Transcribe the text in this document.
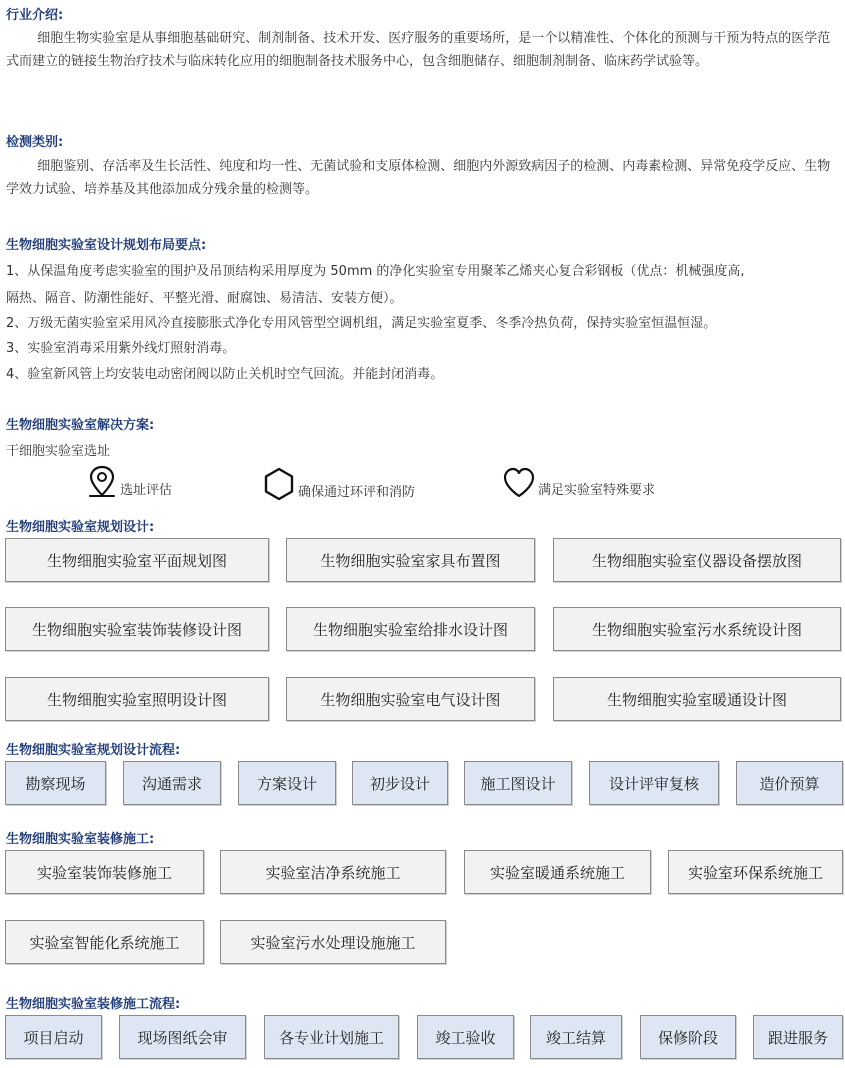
行业介绍:
细胞生物实验室是从事细胞基础研究、制剂制备、技术开发、医疗服务的重要场所，是一个以精准性、个体化的预测与干预为特点的医学范式而建立的链接生物治疗技术与临床转化应用的细胞制备技术服务中心，包含细胞储存、细胞制剂制备、临床药学试验等。
检测类别:
细胞鉴别、存活率及生长活性、纯度和均一性、无菌试验和支原体检测、细胞内外源致病因子的检测、内毒素检测、异常免疫学反应、生物学效力试验、培养基及其他添加成分残余量的检测等。
生物细胞实验室设计规划布局要点:
1、从保温角度考虑实验室的围护及吊顶结构采用厚度为 50mm 的净化实验室专用聚苯乙烯夹心复合彩钢板（优点：机械强度高,
隔热、隔音、防潮性能好、平整光滑、耐腐蚀、易清洁、安装方便）。
2、万级无菌实验室采用风冷直接膨胀式净化专用风管型空调机组，满足实验室夏季、冬季冷热负荷，保持实验室恒温恒湿。
3、实验室消毒采用紫外线灯照射消毒。
4、验室新风管上均安装电动密闭阀以防止关机时空气回流。并能封闭消毒。
生物细胞实验室解决方案:
干细胞实验室选址
选址评估	确保通过环评和消防	满足实验室特殊要求
生物细胞实验室规划设计:
生物细胞实验室平面规划图	生物细胞实验室家具布置图	生物细胞实验室仪器设备摆放图
生物细胞实验室装饰装修设计图	生物细胞实验室给排水设计图	生物细胞实验室污水系统设计图
生物细胞实验室照明设计图	生物细胞实验室电气设计图	生物细胞实验室暖通设计图
生物细胞实验室规划设计流程:
勘察现场	沟通需求	方案设计	初步设计	施工图设计	设计评审复核	造价预算
生物细胞实验室装修施工:
实验室装饰装修施工	实验室洁净系统施工	实验室暖通系统施工	实验室环保系统施工
实验室智能化系统施工	实验室污水处理设施施工
生物细胞实验室装修施工流程:
项目启动	现场图纸会审	各专业计划施工	竣工验收	竣工结算	保修阶段	跟进服务
